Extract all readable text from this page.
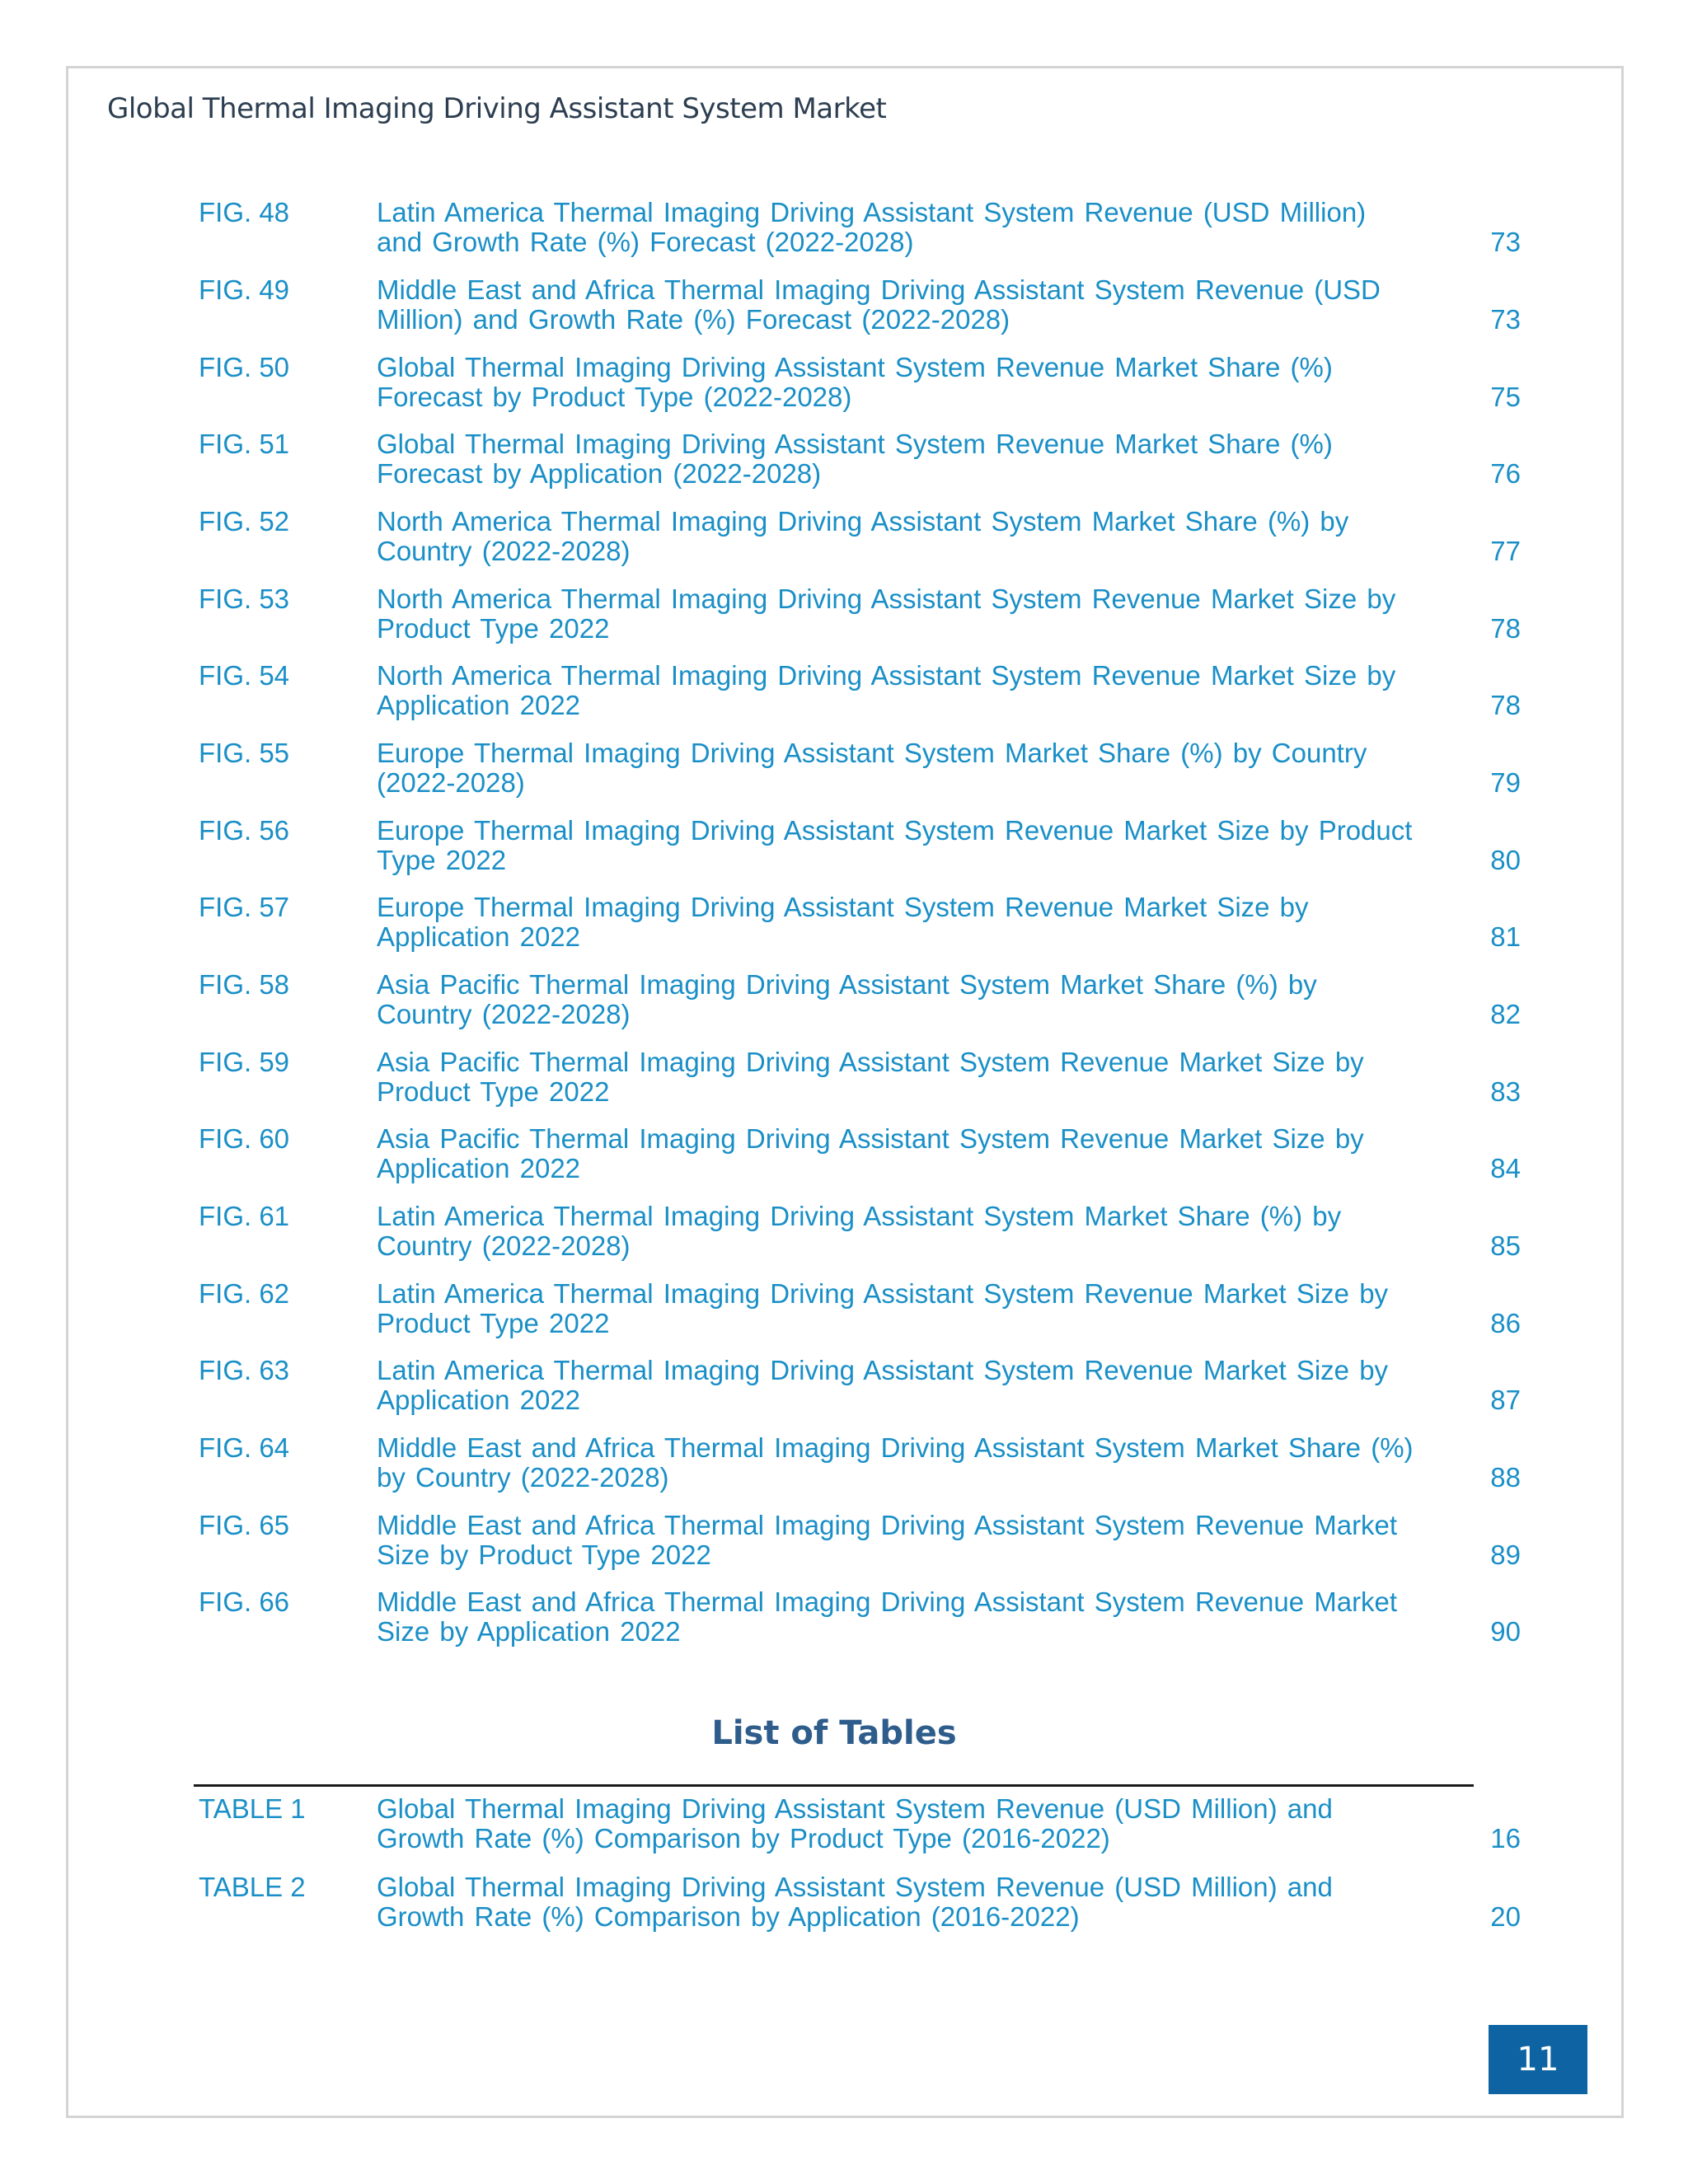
Global Thermal Imaging Driving Assistant System Market
FIG. 48	Latin America Thermal Imaging Driving Assistant System Revenue (USD Million) and Growth Rate (%) Forecast (2022-2028)	73
FIG. 49	Middle East and Africa Thermal Imaging Driving Assistant System Revenue (USD Million) and Growth Rate (%) Forecast (2022-2028)	73
FIG. 50	Global Thermal Imaging Driving Assistant System Revenue Market Share (%) Forecast by Product Type (2022-2028)	75
FIG. 51	Global Thermal Imaging Driving Assistant System Revenue Market Share (%) Forecast by Application (2022-2028)	76
FIG. 52	North America Thermal Imaging Driving Assistant System Market Share (%) by Country (2022-2028)	77
FIG. 53	North America Thermal Imaging Driving Assistant System Revenue Market Size by Product Type 2022	78
FIG. 54	North America Thermal Imaging Driving Assistant System Revenue Market Size by Application 2022	78
FIG. 55	Europe Thermal Imaging Driving Assistant System Market Share (%) by Country (2022-2028)	79
FIG. 56	Europe Thermal Imaging Driving Assistant System Revenue Market Size by Product Type 2022	80
FIG. 57	Europe Thermal Imaging Driving Assistant System Revenue Market Size by Application 2022	81
FIG. 58	Asia Pacific Thermal Imaging Driving Assistant System Market Share (%) by Country (2022-2028)	82
FIG. 59	Asia Pacific Thermal Imaging Driving Assistant System Revenue Market Size by Product Type 2022	83
FIG. 60	Asia Pacific Thermal Imaging Driving Assistant System Revenue Market Size by Application 2022	84
FIG. 61	Latin America Thermal Imaging Driving Assistant System Market Share (%) by Country (2022-2028)	85
FIG. 62	Latin America Thermal Imaging Driving Assistant System Revenue Market Size by Product Type 2022	86
FIG. 63	Latin America Thermal Imaging Driving Assistant System Revenue Market Size by Application 2022	87
FIG. 64	Middle East and Africa Thermal Imaging Driving Assistant System Market Share (%) by Country (2022-2028)	88
FIG. 65	Middle East and Africa Thermal Imaging Driving Assistant System Revenue Market Size by Product Type 2022	89
FIG. 66	Middle East and Africa Thermal Imaging Driving Assistant System Revenue Market Size by Application 2022	90
List of Tables
TABLE 1	Global Thermal Imaging Driving Assistant System Revenue (USD Million) and Growth Rate (%) Comparison by Product Type (2016-2022)	16
TABLE 2	Global Thermal Imaging Driving Assistant System Revenue (USD Million) and Growth Rate (%) Comparison by Application (2016-2022)	20
11
